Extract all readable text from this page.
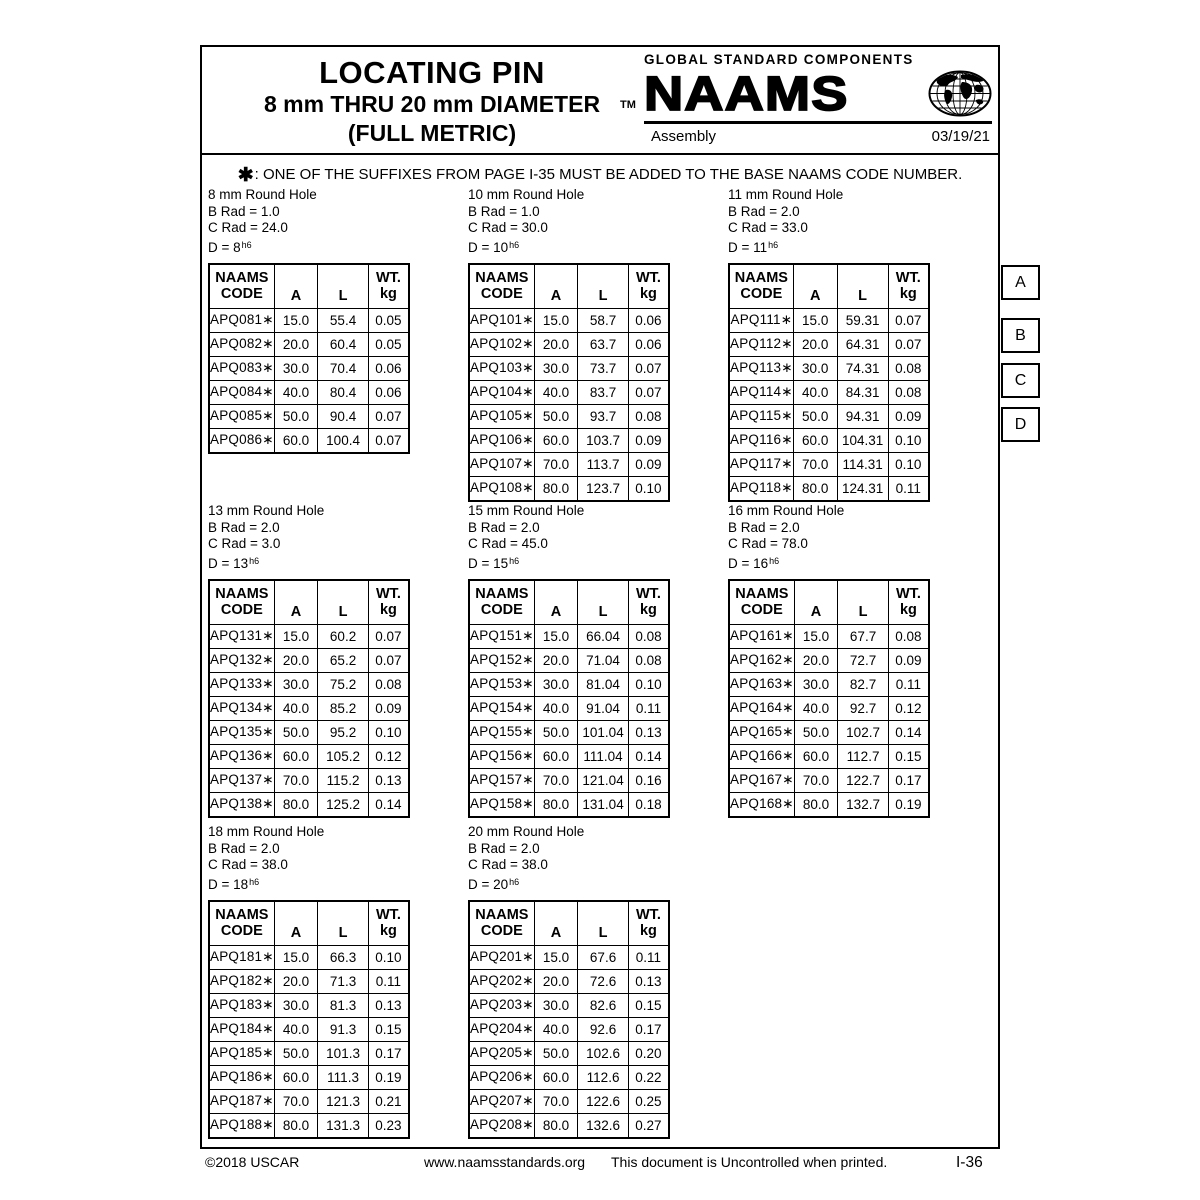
LOCATING PIN
8 mm THRU 20 mm DIAMETER
(FULL METRIC)
GLOBAL STANDARD COMPONENTS
TM NAAMS
Assembly	03/19/21
✱: ONE OF THE SUFFIXES FROM PAGE I-35 MUST BE ADDED TO THE BASE NAAMS CODE NUMBER.
8 mm Round Hole
B Rad = 1.0
C Rad = 24.0
$D = 8^{h6}$
NAAMS
CODE	A	L	
WT.
kg

APQ081∗	15.0	55.4	0.05
APQ082∗	20.0	60.4	0.05
APQ083∗	30.0	70.4	0.06
APQ084∗	40.0	80.4	0.06
APQ085∗	50.0	90.4	0.07
APQ086∗	60.0	100.4	0.07
10 mm Round Hole
B Rad = 1.0
C Rad = 30.0
$D = 10^{h6}$
NAAMS
CODE	A	L	
WT.
kg

APQ101∗	15.0	58.7	0.06
APQ102∗	20.0	63.7	0.06
APQ103∗	30.0	73.7	0.07
APQ104∗	40.0	83.7	0.07
APQ105∗	50.0	93.7	0.08
APQ106∗	60.0	103.7	0.09
APQ107∗	70.0	113.7	0.09
APQ108∗	80.0	123.7	0.10
11 mm Round Hole
B Rad = 2.0
C Rad = 33.0
$D = 11^{h6}$
NAAMS
CODE	A	L	
WT.
kg

APQ111∗	15.0	59.31	0.07
APQ112∗	20.0	64.31	0.07
APQ113∗	30.0	74.31	0.08
APQ114∗	40.0	84.31	0.08
APQ115∗	50.0	94.31	0.09
APQ116∗	60.0	104.31	0.10
APQ117∗	70.0	114.31	0.10
APQ118∗	80.0	124.31	0.11
13 mm Round Hole
B Rad = 2.0
C Rad = 3.0
$D = 13^{h6}$
NAAMS
CODE	A	L	
WT.
kg

APQ131∗	15.0	60.2	0.07
APQ132∗	20.0	65.2	0.07
APQ133∗	30.0	75.2	0.08
APQ134∗	40.0	85.2	0.09
APQ135∗	50.0	95.2	0.10
APQ136∗	60.0	105.2	0.12
APQ137∗	70.0	115.2	0.13
APQ138∗	80.0	125.2	0.14
15 mm Round Hole
B Rad = 2.0
C Rad = 45.0
$D = 15^{h6}$
NAAMS
CODE	A	L	
WT.
kg

APQ151∗	15.0	66.04	0.08
APQ152∗	20.0	71.04	0.08
APQ153∗	30.0	81.04	0.10
APQ154∗	40.0	91.04	0.11
APQ155∗	50.0	101.04	0.13
APQ156∗	60.0	111.04	0.14
APQ157∗	70.0	121.04	0.16
APQ158∗	80.0	131.04	0.18
16 mm Round Hole
B Rad = 2.0
C Rad = 78.0
$D = 16^{h6}$
NAAMS
CODE	A	L	
WT.
kg

APQ161∗	15.0	67.7	0.08
APQ162∗	20.0	72.7	0.09
APQ163∗	30.0	82.7	0.11
APQ164∗	40.0	92.7	0.12
APQ165∗	50.0	102.7	0.14
APQ166∗	60.0	112.7	0.15
APQ167∗	70.0	122.7	0.17
APQ168∗	80.0	132.7	0.19
18 mm Round Hole
B Rad = 2.0
C Rad = 38.0
$D = 18^{h6}$
NAAMS
CODE	A	L	
WT.
kg

APQ181∗	15.0	66.3	0.10
APQ182∗	20.0	71.3	0.11
APQ183∗	30.0	81.3	0.13
APQ184∗	40.0	91.3	0.15
APQ185∗	50.0	101.3	0.17
APQ186∗	60.0	111.3	0.19
APQ187∗	70.0	121.3	0.21
APQ188∗	80.0	131.3	0.23
20 mm Round Hole
B Rad = 2.0
C Rad = 38.0
$D = 20^{h6}$
NAAMS
CODE	A	L	
WT.
kg

APQ201∗	15.0	67.6	0.11
APQ202∗	20.0	72.6	0.13
APQ203∗	30.0	82.6	0.15
APQ204∗	40.0	92.6	0.17
APQ205∗	50.0	102.6	0.20
APQ206∗	60.0	112.6	0.22
APQ207∗	70.0	122.6	0.25
APQ208∗	80.0	132.6	0.27
A
B
C
D
©2018 USCAR	www.naamsstandards.org This document is Uncontrolled when printed.	I-36
